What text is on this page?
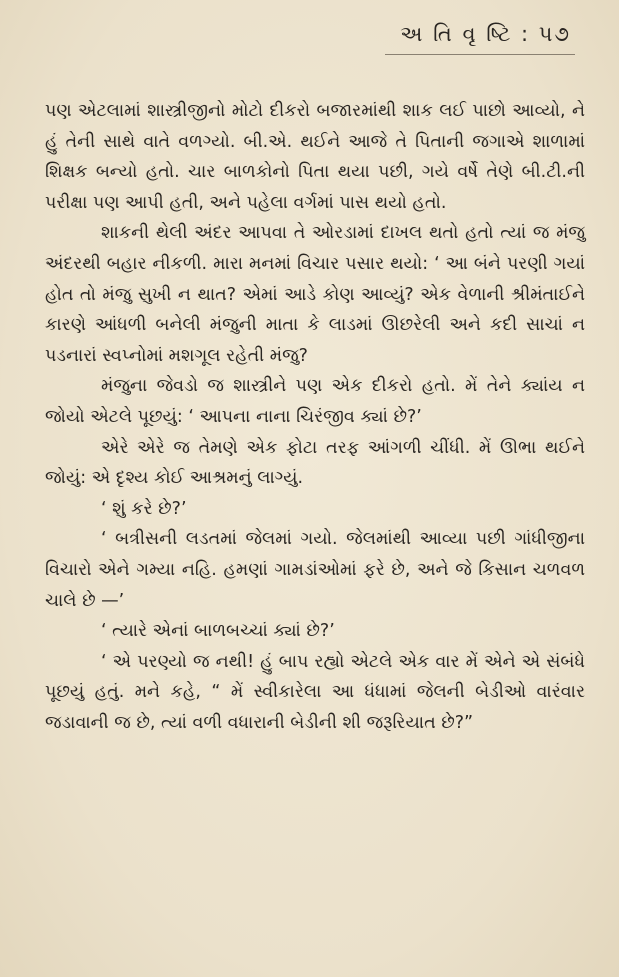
અ તિ વૃ ષ્ટિ : પ૭

પણ એટલામાં શાસ્ત્રીજીનો મોટો દીકરો બજારમાંથી શાક લઈ પાછો આવ્યો, ને હું તેની સાથે વાતે વળગ્યો. બી.એ. થઈને આજે તે પિતાની જગાએ શાળામાં શિક્ષક બન્યો હતો. ચાર બાળકોનો પિતા થયા પછી, ગયે વર્ષે તેણે બી.ટી.ની પરીક્ષા પણ આપી હતી, અને પહેલા વર્ગમાં પાસ થયો હતો.

શાકની થેલી અંદર આપવા તે ઓરડામાં દાખલ થતો હતો ત્યાં જ મંજુ અંદરથી બહાર નીકળી. મારા મનમાં વિચાર પસાર થયો: ‘ આ બંને પરણી ગયાં હોત તો મંજુ સુખી ન થાત? એમાં આડે કોણ આવ્યું? એક વેળાની શ્રીમંતાઈને કારણે આંધળી બનેલી મંજુની માતા કે લાડમાં ઊછરેલી અને કદી સાચાં ન પડનારાં સ્વપ્નોમાં મશગૂલ રહેતી મંજુ?

મંજુના જેવડો જ શાસ્ત્રીને પણ એક દીકરો હતો. મેં તેને ક્યાંય ન જોયો એટલે પૂછયું: ‘ આપના નાના ચિરંજીવ ક્યાં છે?’

એરે એરે જ તેમણે એક ફોટા તરફ આંગળી ચીંધી. મેં ઊભા થઈને જોયું: એ દૃશ્ય કોઈ આશ્રમનું લાગ્યું.

‘ શું કરે છે?’

‘ બત્રીસની લડતમાં જેલમાં ગયો. જેલમાંથી આવ્યા પછી ગાંધીજીના વિચારો એને ગમ્યા નહિ. હમણાં ગામડાંઓમાં ફરે છે, અને જે કિસાન ચળવળ ચાલે છે —’

‘ ત્યારે એનાં બાળબચ્ચાં ક્યાં છે?’

‘ એ પરણ્યો જ નથી! હું બાપ રહ્યો એટલે એક વાર મેં એને એ સંબંધે પૂછયું હતું. મને કહે, “ મેં સ્વીકારેલા આ ધંધામાં જેલની બેડીઓ વારંવાર જડાવાની જ છે, ત્યાં વળી વધારાની બેડીની શી જરૂરિયાત છે?”
